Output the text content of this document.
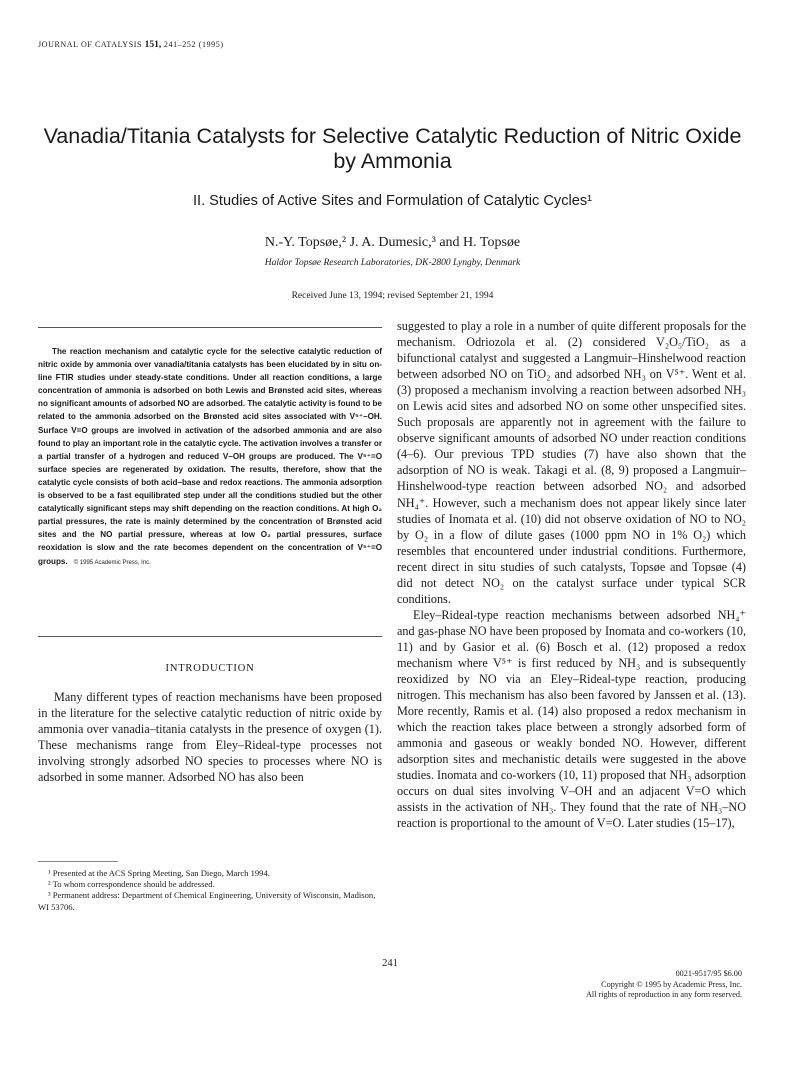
JOURNAL OF CATALYSIS 151, 241–252 (1995)
Vanadia/Titania Catalysts for Selective Catalytic Reduction of Nitric Oxide by Ammonia
II. Studies of Active Sites and Formulation of Catalytic Cycles¹
N.-Y. Topsøe,² J. A. Dumesic,³ and H. Topsøe
Haldor Topsøe Research Laboratories, DK-2800 Lyngby, Denmark
Received June 13, 1994; revised September 21, 1994

The reaction mechanism and catalytic cycle for the selective catalytic reduction of nitric oxide by ammonia over vanadia/titania catalysts has been elucidated by in situ on-line FTIR studies under steady-state conditions. Under all reaction conditions, a large concentration of ammonia is adsorbed on both Lewis and Brønsted acid sites, whereas no significant amounts of adsorbed NO are adsorbed. The catalytic activity is found to be related to the ammonia adsorbed on the Brønsted acid sites associated with V⁵⁺–OH. Surface V=O groups are involved in activation of the adsorbed ammonia and are also found to play an important role in the catalytic cycle. The activation involves a transfer or a partial transfer of a hydrogen and reduced V–OH groups are produced. The V⁵⁺=O surface species are regenerated by oxidation. The results, therefore, show that the catalytic cycle consists of both acid–base and redox reactions. The ammonia adsorption is observed to be a fast equilibrated step under all the conditions studied but the other catalytically significant steps may shift depending on the reaction conditions. At high O₂ partial pressures, the rate is mainly determined by the concentration of Brønsted acid sites and the NO partial pressure, whereas at low O₂ partial pressures, surface reoxidation is slow and the rate becomes dependent on the concentration of V⁵⁺=O groups. © 1995 Academic Press, Inc.

INTRODUCTION

Many different types of reaction mechanisms have been proposed in the literature for the selective catalytic reduction of nitric oxide by ammonia over vanadia–titania catalysts in the presence of oxygen (1). These mechanisms range from Eley–Rideal-type processes not involving strongly adsorbed NO species to processes where NO is adsorbed in some manner. Adsorbed NO has also been

¹ Presented at the ACS Spring Meeting, San Diego, March 1994.

² To whom correspondence should be addressed.

³ Permanent address: Department of Chemical Engineering, University of Wisconsin, Madison, WI 53706.

suggested to play a role in a number of quite different proposals for the mechanism. Odriozola et al. (2) considered V₂O₅/TiO₂ as a bifunctional catalyst and suggested a Langmuir–Hinshelwood reaction between adsorbed NO on TiO₂ and adsorbed NH₃ on V⁵⁺. Went et al. (3) proposed a mechanism involving a reaction between adsorbed NH₃ on Lewis acid sites and adsorbed NO on some other unspecified sites. Such proposals are apparently not in agreement with the failure to observe significant amounts of adsorbed NO under reaction conditions (4–6). Our previous TPD studies (7) have also shown that the adsorption of NO is weak. Takagi et al. (8, 9) proposed a Langmuir–Hinshelwood-type reaction between adsorbed NO₂ and adsorbed NH₄⁺. However, such a mechanism does not appear likely since later studies of Inomata et al. (10) did not observe oxidation of NO to NO₂ by O₂ in a flow of dilute gases (1000 ppm NO in 1% O₂) which resembles that encountered under industrial conditions. Furthermore, recent direct in situ studies of such catalysts, Topsøe and Topsøe (4) did not detect NO₂ on the catalyst surface under typical SCR conditions.

Eley–Rideal-type reaction mechanisms between adsorbed NH₄⁺ and gas-phase NO have been proposed by Inomata and co-workers (10, 11) and by Gasior et al. (6) Bosch et al. (12) proposed a redox mechanism where V⁵⁺ is first reduced by NH₃ and is subsequently reoxidized by NO via an Eley–Rideal-type reaction, producing nitrogen. This mechanism has also been favored by Janssen et al. (13). More recently, Ramis et al. (14) also proposed a redox mechanism in which the reaction takes place between a strongly adsorbed form of ammonia and gaseous or weakly bonded NO. However, different adsorption sites and mechanistic details were suggested in the above studies. Inomata and co-workers (10, 11) proposed that NH₃ adsorption occurs on dual sites involving V–OH and an adjacent V=O which assists in the activation of NH₃. They found that the rate of NH₃–NO reaction is proportional to the amount of V=O. Later studies (15–17),

241
0021-9517/95 $6.00
Copyright © 1995 by Academic Press, Inc.
All rights of reproduction in any form reserved.
